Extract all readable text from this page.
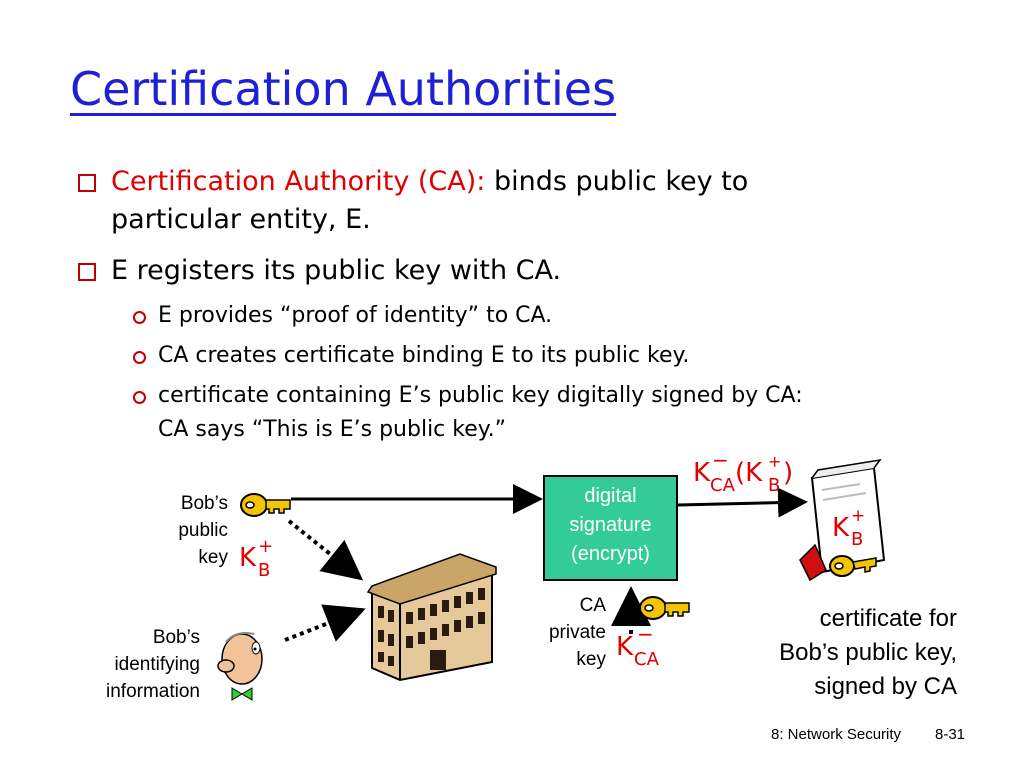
Certification Authorities
Certification Authority (CA): binds public key to
particular entity, E.
E registers its public key with CA.
E provides “proof of identity” to CA.
CA creates certificate binding E to its public key.
certificate containing E’s public key digitally signed by CA:
CA says “This is E’s public key.”
Bob’s
public
key K +
B
Bob’s
identifying
information
digital
signature
(encrypt)
K −
CA (K +
B )
K +
B
CA
private
key K −
CA
certificate for
Bob’s public key,
signed by CA
8: Network Security 8-31
